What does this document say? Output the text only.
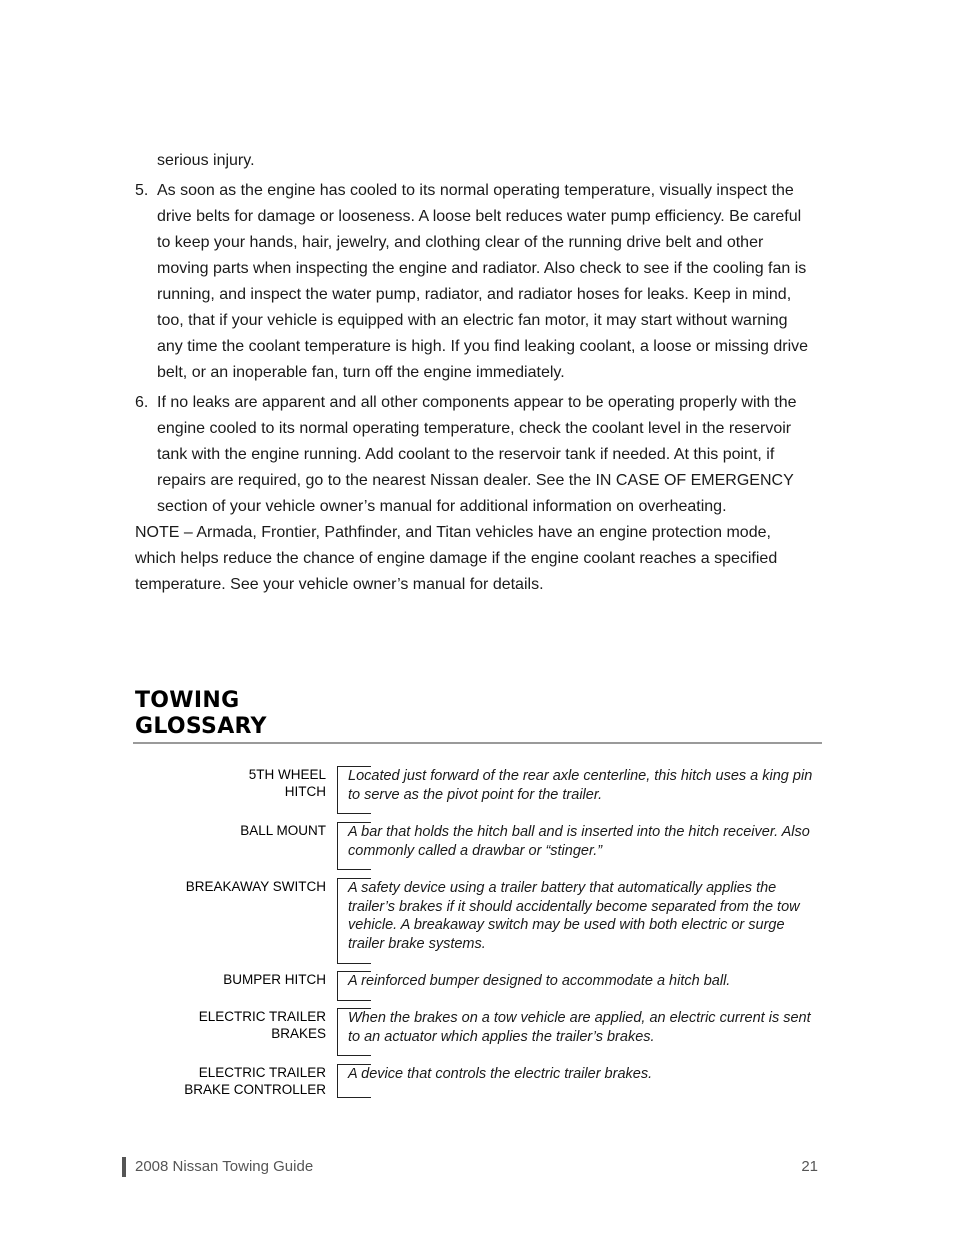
serious injury.
5. As soon as the engine has cooled to its normal operating temperature, visually inspect the drive belts for damage or looseness. A loose belt reduces water pump efficiency. Be careful to keep your hands, hair, jewelry, and clothing clear of the running drive belt and other moving parts when inspecting the engine and radiator. Also check to see if the cooling fan is running, and inspect the water pump, radiator, and radiator hoses for leaks. Keep in mind, too, that if your vehicle is equipped with an electric fan motor, it may start without warning any time the coolant temperature is high. If you find leaking coolant, a loose or missing drive belt, or an inoperable fan, turn off the engine immediately.
6. If no leaks are apparent and all other components appear to be operating properly with the engine cooled to its normal operating temperature, check the coolant level in the reservoir tank with the engine running. Add coolant to the reservoir tank if needed. At this point, if repairs are required, go to the nearest Nissan dealer. See the IN CASE OF EMERGENCY section of your vehicle owner’s manual for additional information on overheating.
NOTE – Armada, Frontier, Pathfinder, and Titan vehicles have an engine protection mode, which helps reduce the chance of engine damage if the engine coolant reaches a specified temperature. See your vehicle owner’s manual for details.
TOWING
GLOSSARY
5TH WHEEL
HITCH
Located just forward of the rear axle centerline, this hitch uses a king pin to serve as the pivot point for the trailer.
BALL MOUNT A bar that holds the hitch ball and is inserted into the hitch receiver. Also commonly called a drawbar or “stinger.”
BREAKAWAY SWITCH A safety device using a trailer battery that automatically applies the trailer’s brakes if it should accidentally become separated from the tow vehicle. A breakaway switch may be used with both electric or surge trailer brake systems.
BUMPER HITCH A reinforced bumper designed to accommodate a hitch ball.
ELECTRIC TRAILER
BRAKES
When the brakes on a tow vehicle are applied, an electric current is sent to an actuator which applies the trailer’s brakes.
ELECTRIC TRAILER
BRAKE CONTROLLER
A device that controls the electric trailer brakes.
2008 Nissan Towing Guide	21
